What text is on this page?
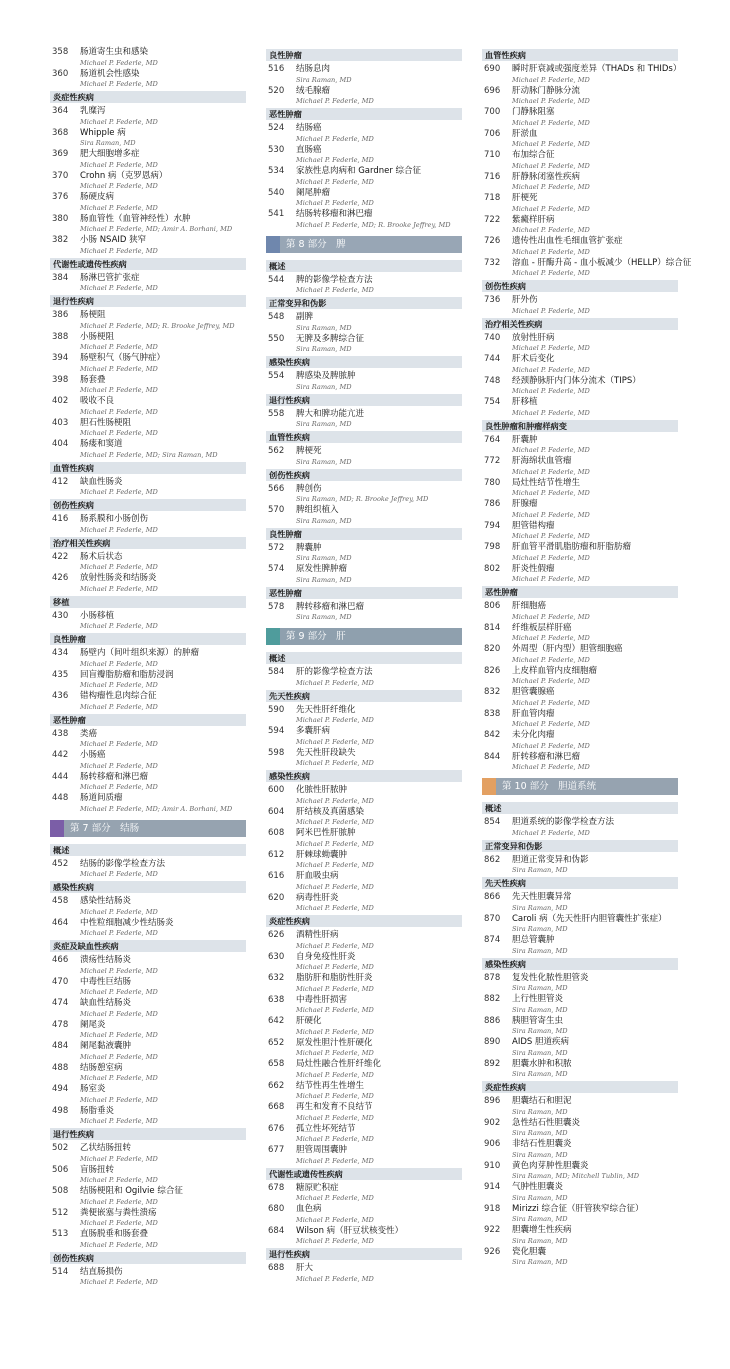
358 肠道寄生虫和感染
Michael P. Federle, MD
360 肠道机会性感染
Michael P. Federle, MD
炎症性疾病
364 乳糜泻
Michael P. Federle, MD
368 Whipple 病
Sira Raman, MD
369 肥大细胞增多症
Michael P. Federle, MD
370 Crohn 病（克罗恩病）
Michael P. Federle, MD
376 肠硬皮病
Michael P. Federle, MD
380 肠血管性（血管神经性）水肿
Michael P. Federle, MD; Amir A. Borhani, MD
382 小肠 NSAID 狭窄
Michael P. Federle, MD
代谢性或遗传性疾病
384 肠淋巴管扩张症
Michael P. Federle, MD
退行性疾病
386 肠梗阻
Michael P. Federle, MD; R. Brooke Jeffrey, MD
388 小肠梗阻
Michael P. Federle, MD
394 肠壁积气（肠气肿症）
Michael P. Federle, MD
398 肠套叠
Michael P. Federle, MD
402 吸收不良
Michael P. Federle, MD
403 胆石性肠梗阻
Michael P. Federle, MD
404 肠瘘和窦道
Michael P. Federle, MD; Sira Raman, MD
血管性疾病
412 缺血性肠炎
Michael P. Federle, MD
创伤性疾病
416 肠系膜和小肠创伤
Michael P. Federle, MD
治疗相关性疾病
422 肠术后状态
Michael P. Federle, MD
426 放射性肠炎和结肠炎
Michael P. Federle, MD
移植
430 小肠移植
Michael P. Federle, MD
良性肿瘤
434 肠壁内（间叶组织来源）的肿瘤
Michael P. Federle, MD
435 回盲瓣脂肪瘤和脂肪浸润
Michael P. Federle, MD
436 错构瘤性息肉综合征
Michael P. Federle, MD
恶性肿瘤
438 类癌
Michael P. Federle, MD
442 小肠癌
Michael P. Federle, MD
444 肠转移瘤和淋巴瘤
Michael P. Federle, MD
448 肠道间质瘤
Michael P. Federle, MD; Amir A. Borhani, MD
第 7 部分 结肠
概述
452 结肠的影像学检查方法
Michael P. Federle, MD
感染性疾病
458 感染性结肠炎
Michael P. Federle, MD
464 中性粒细胞减少性结肠炎
Michael P. Federle, MD
炎症及缺血性疾病
466 溃疡性结肠炎
Michael P. Federle, MD
470 中毒性巨结肠
Michael P. Federle, MD
474 缺血性结肠炎
Michael P. Federle, MD
478 阑尾炎
Michael P. Federle, MD
484 阑尾黏液囊肿
Michael P. Federle, MD
488 结肠憩室病
Michael P. Federle, MD
494 肠室炎
Michael P. Federle, MD
498 肠脂垂炎
Michael P. Federle, MD
退行性疾病
502 乙状结肠扭转
Michael P. Federle, MD
506 盲肠扭转
Michael P. Federle, MD
508 结肠梗阻和 Ogilvie 综合征
Michael P. Federle, MD
512 粪便嵌塞与粪性溃疡
Michael P. Federle, MD
513 直肠脱垂和肠套叠
Michael P. Federle, MD
创伤性疾病
514 结直肠损伤
Michael P. Federle, MD
良性肿瘤
516 结肠息肉
Sira Raman, MD
520 绒毛腺瘤
Michael P. Federle, MD
恶性肿瘤
524 结肠癌
Michael P. Federle, MD
530 直肠癌
Michael P. Federle, MD
534 家族性息肉病和 Gardner 综合征
Michael P. Federle, MD
540 阑尾肿瘤
Michael P. Federle, MD
541 结肠转移瘤和淋巴瘤
Michael P. Federle, MD; R. Brooke Jeffrey, MD
第 8 部分 脾
概述
544 脾的影像学检查方法
Michael P. Federle, MD
正常变异和伪影
548 副脾
Sira Raman, MD
550 无脾及多脾综合征
Sira Raman, MD
感染性疾病
554 脾感染及脾脓肿
Sira Raman, MD
退行性疾病
558 脾大和脾功能亢进
Sira Raman, MD
血管性疾病
562 脾梗死
Sira Raman, MD
创伤性疾病
566 脾创伤
Sira Raman, MD; R. Brooke Jeffrey, MD
570 脾组织植入
Sira Raman, MD
良性肿瘤
572 脾囊肿
Sira Raman, MD
574 原发性脾肿瘤
Sira Raman, MD
恶性肿瘤
578 脾转移瘤和淋巴瘤
Sira Raman, MD
第 9 部分 肝
概述
584 肝的影像学检查方法
Michael P. Federle, MD
先天性疾病
590 先天性肝纤维化
Michael P. Federle, MD
594 多囊肝病
Michael P. Federle, MD
598 先天性肝段缺失
Michael P. Federle, MD
感染性疾病
600 化脓性肝脓肿
Michael P. Federle, MD
604 肝结核及真菌感染
Michael P. Federle, MD
608 阿米巴性肝脓肿
Michael P. Federle, MD
612 肝棘球蚴囊肿
Michael P. Federle, MD
616 肝血吸虫病
Michael P. Federle, MD
620 病毒性肝炎
Michael P. Federle, MD
炎症性疾病
626 酒精性肝病
Michael P. Federle, MD
630 自身免疫性肝炎
Michael P. Federle, MD
632 脂肪肝和脂肪性肝炎
Michael P. Federle, MD
638 中毒性肝损害
Michael P. Federle, MD
642 肝硬化
Michael P. Federle, MD
652 原发性胆汁性肝硬化
Michael P. Federle, MD
658 局灶性融合性肝纤维化
Michael P. Federle, MD
662 结节性再生性增生
Michael P. Federle, MD
668 再生和发育不良结节
Michael P. Federle, MD
676 孤立性坏死结节
Michael P. Federle, MD
677 胆管周围囊肿
Michael P. Federle, MD
代谢性或遗传性疾病
678 糖原贮积症
Michael P. Federle, MD
680 血色病
Michael P. Federle, MD
684 Wilson 病（肝豆状核变性）
Michael P. Federle, MD
退行性疾病
688 肝大
Michael P. Federle, MD
血管性疾病
690 瞬时肝衰减或强度差异（THADs 和 THIDs）
Michael P. Federle, MD
696 肝动脉门静脉分流
Michael P. Federle, MD
700 门静脉阻塞
Michael P. Federle, MD
706 肝淤血
Michael P. Federle, MD
710 布加综合征
Michael P. Federle, MD
716 肝静脉闭塞性疾病
Michael P. Federle, MD
718 肝梗死
Michael P. Federle, MD
722 紫癜样肝病
Michael P. Federle, MD
726 遗传性出血性毛细血管扩张症
Michael P. Federle, MD
732 溶血 - 肝酶升高 - 血小板减少（HELLP）综合征
Michael P. Federle, MD
创伤性疾病
736 肝外伤
Michael P. Federle, MD
治疗相关性疾病
740 放射性肝病
Michael P. Federle, MD
744 肝术后变化
Michael P. Federle, MD
748 经颈静脉肝内门体分流术（TIPS）
Michael P. Federle, MD
754 肝移植
Michael P. Federle, MD
良性肿瘤和肿瘤样病变
764 肝囊肿
Michael P. Federle, MD
772 肝海绵状血管瘤
Michael P. Federle, MD
780 局灶性结节性增生
Michael P. Federle, MD
786 肝腺瘤
Michael P. Federle, MD
794 胆管错构瘤
Michael P. Federle, MD
798 肝血管平滑肌脂肪瘤和肝脂肪瘤
Michael P. Federle, MD
802 肝炎性假瘤
Michael P. Federle, MD
恶性肿瘤
806 肝细胞癌
Michael P. Federle, MD
814 纤维板层样肝癌
Michael P. Federle, MD
820 外周型（肝内型）胆管细胞癌
Michael P. Federle, MD
826 上皮样血管内皮细胞瘤
Michael P. Federle, MD
832 胆管囊腺癌
Michael P. Federle, MD
838 肝血管肉瘤
Michael P. Federle, MD
842 未分化肉瘤
Michael P. Federle, MD
844 肝转移瘤和淋巴瘤
Michael P. Federle, MD
第 10 部分 胆道系统
概述
854 胆道系统的影像学检查方法
Michael P. Federle, MD
正常变异和伪影
862 胆道正常变异和伪影
Sira Raman, MD
先天性疾病
866 先天性胆囊异常
Sira Raman, MD
870 Caroli 病（先天性肝内胆管囊性扩张症）
Sira Raman, MD
874 胆总管囊肿
Sira Raman, MD
感染性疾病
878 复发性化脓性胆管炎
Sira Raman, MD
882 上行性胆管炎
Sira Raman, MD
886 胰胆管寄生虫
Sira Raman, MD
890 AIDS 胆道疾病
Sira Raman, MD
892 胆囊水肿和积脓
Sira Raman, MD
炎症性疾病
896 胆囊结石和胆泥
Sira Raman, MD
902 急性结石性胆囊炎
Sira Raman, MD
906 非结石性胆囊炎
Sira Raman, MD
910 黄色肉芽肿性胆囊炎
Sira Raman, MD; Mitchell Tublin, MD
914 气肿性胆囊炎
Sira Raman, MD
918 Mirizzi 综合征（肝管狭窄综合征）
Sira Raman, MD
922 胆囊增生性疾病
Sira Raman, MD
926 瓷化胆囊
Sira Raman, MD
